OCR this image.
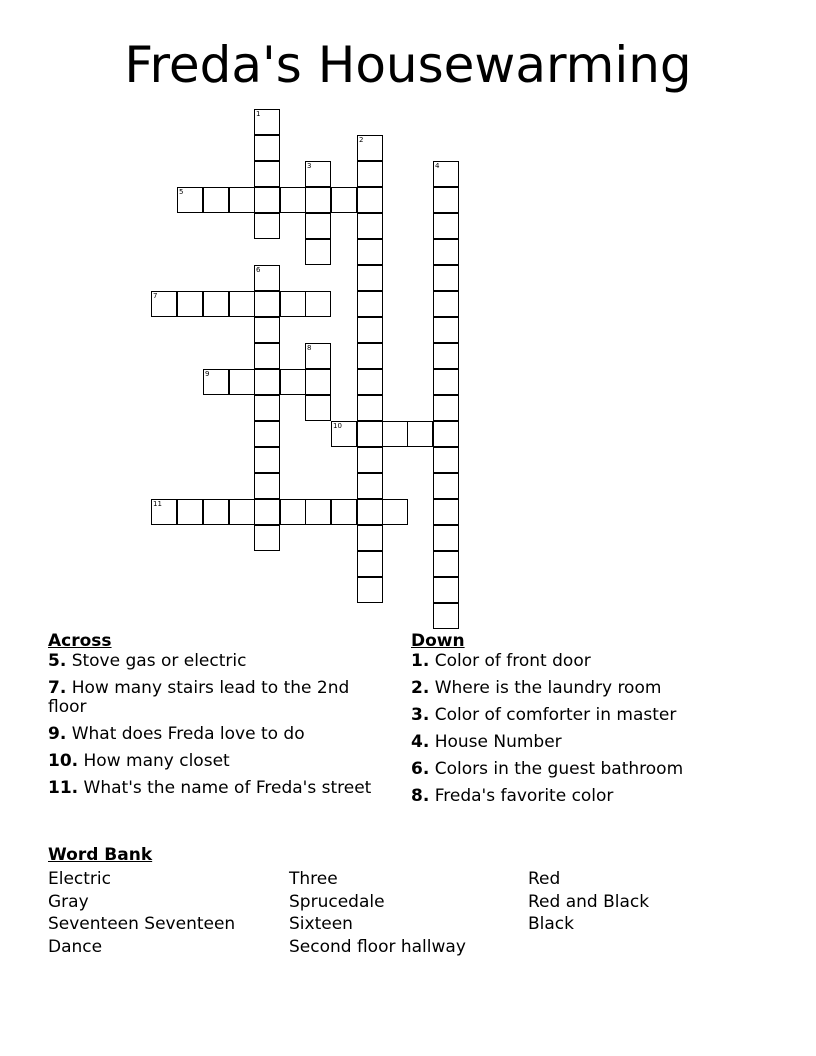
Freda's Housewarming
1
2
3	4
5
6
7
8
9
10
11
Across
5. Stove gas or electric
7. How many stairs lead to the 2nd floor
9. What does Freda love to do
10. How many closet
11. What's the name of Freda's street
Down
1. Color of front door
2. Where is the laundry room
3. Color of comforter in master
4. House Number
6. Colors in the guest bathroom
8. Freda's favorite color
Word Bank
Electric
Gray
Seventeen Seventeen
Dance
Three
Sprucedale
Sixteen
Second floor hallway
Red
Red and Black
Black
